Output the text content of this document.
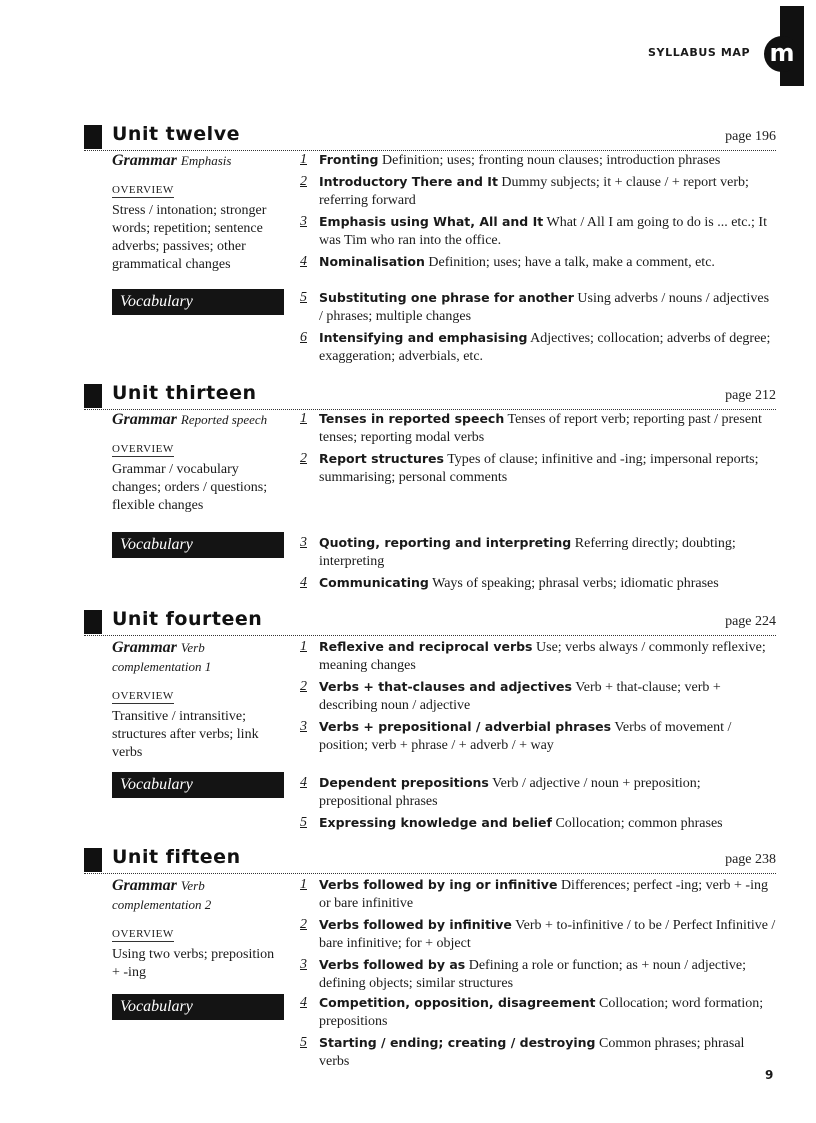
SYLLABUS MAP m
Unit twelve	page 196
Grammar Emphasis
OVERVIEW
Stress / intonation; stronger words; repetition; sentence adverbs; passives; other grammatical changes
1 Fronting Definition; uses; fronting noun clauses; introduction phrases
2 Introductory There and It Dummy subjects; it + clause / + report verb; referring forward
3 Emphasis using What, All and It What / All I am going to do is ... etc.; It was Tim who ran into the office.
4 Nominalisation Definition; uses; have a talk, make a comment, etc.
Vocabulary	5 Substituting one phrase for another Using adverbs / nouns / adjectives / phrases; multiple changes
6 Intensifying and emphasising Adjectives; collocation; adverbs of degree; exaggeration; adverbials, etc.
Unit thirteen	page 212
Grammar Reported speech
OVERVIEW
Grammar / vocabulary changes; orders / questions; flexible changes
1 Tenses in reported speech Tenses of report verb; reporting past / present tenses; reporting modal verbs
2 Report structures Types of clause; infinitive and -ing; impersonal reports; summarising; personal comments
Vocabulary	3 Quoting, reporting and interpreting Referring directly; doubting; interpreting
4 Communicating Ways of speaking; phrasal verbs; idiomatic phrases
Unit fourteen	page 224
Grammar Verb complementation 1
OVERVIEW
Transitive / intransitive; structures after verbs; link verbs
1 Reflexive and reciprocal verbs Use; verbs always / commonly reflexive; meaning changes
2 Verbs + that-clauses and adjectives Verb + that-clause; verb + describing noun / adjective
3 Verbs + prepositional / adverbial phrases Verbs of movement / position; verb + phrase / + adverb / + way
Vocabulary	4 Dependent prepositions Verb / adjective / noun + preposition; prepositional phrases
5 Expressing knowledge and belief Collocation; common phrases
Unit fifteen	page 238
Grammar Verb complementation 2
OVERVIEW
Using two verbs; preposition + -ing
1 Verbs followed by ing or infinitive Differences; perfect -ing; verb + -ing or bare infinitive
2 Verbs followed by infinitive Verb + to-infinitive / to be / Perfect Infinitive / bare infinitive; for + object
3 Verbs followed by as Defining a role or function; as + noun / adjective; defining objects; similar structures
Vocabulary	4 Competition, opposition, disagreement Collocation; word formation; prepositions
5 Starting / ending; creating / destroying Common phrases; phrasal verbs
9
